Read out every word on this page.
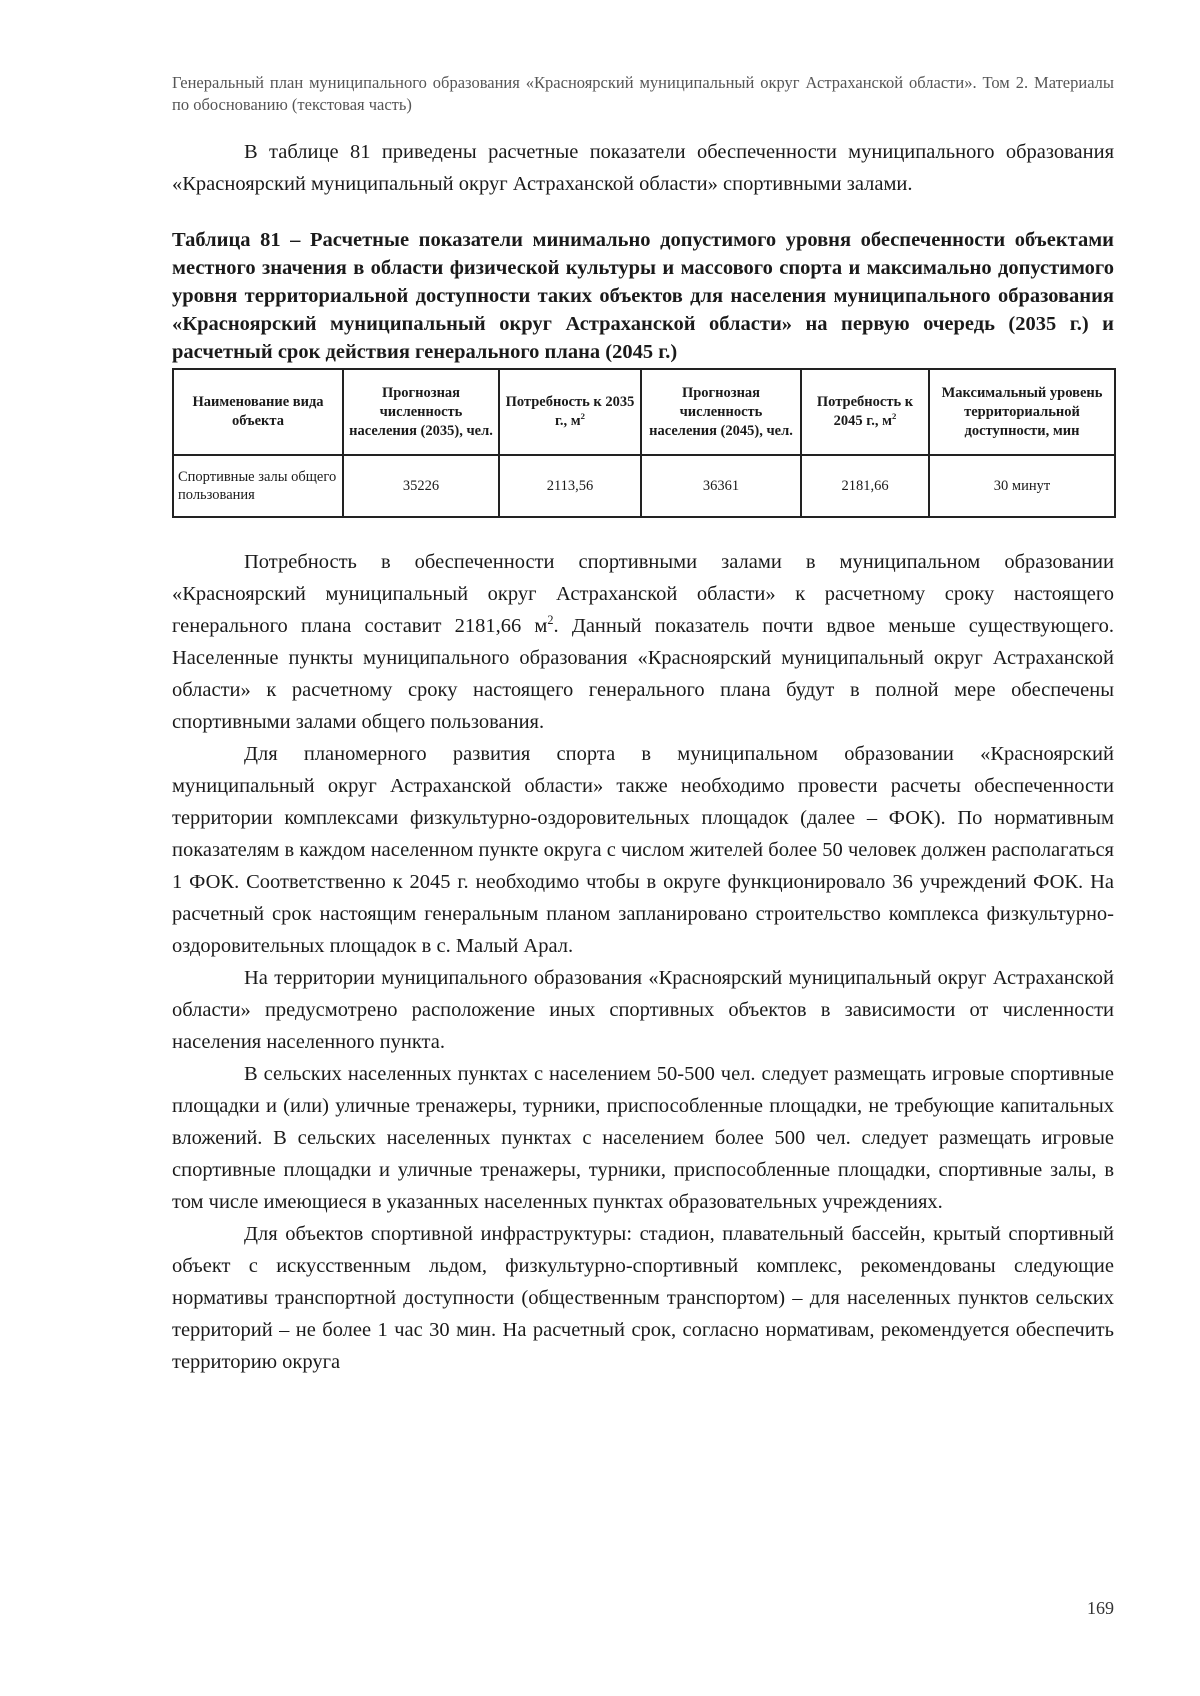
Генеральный план муниципального образования «Красноярский муниципальный округ Астраханской области». Том 2. Материалы по обоснованию (текстовая часть)

В таблице 81 приведены расчетные показатели обеспеченности муниципального образования «Красноярский муниципальный округ Астраханской области» спортивными залами.

Таблица 81 – Расчетные показатели минимально допустимого уровня обеспеченности объектами местного значения в области физической культуры и массового спорта и максимально допустимого уровня территориальной доступности таких объектов для населения муниципального образования «Красноярский муниципальный округ Астраханской области» на первую очередь (2035 г.) и расчетный срок действия генерального плана (2045 г.)

Наименование вида объекта	Прогнозная численность населения (2035), чел.	Потребность к 2035 г., $м^2$	Прогнозная численность населения (2045), чел.	Потребность к 2045 г., $м^2$	Максимальный уровень территориальной доступности, мин
Спортивные залы общего пользования	35226	2113,56	36361	2181,66	30 минут

Потребность в обеспеченности спортивными залами в муниципальном образовании «Красноярский муниципальный округ Астраханской области» к расчетному сроку настоящего генерального плана составит 2181,66 $м^2$. Данный показатель почти вдвое меньше существующего. Населенные пункты муниципального образования «Красноярский муниципальный округ Астраханской области» к расчетному сроку настоящего генерального плана будут в полной мере обеспечены спортивными залами общего пользования.

Для планомерного развития спорта в муниципальном образовании «Красноярский муниципальный округ Астраханской области» также необходимо провести расчеты обеспеченности территории комплексами физкультурно-оздоровительных площадок (далее – ФОК). По нормативным показателям в каждом населенном пункте округа с числом жителей более 50 человек должен располагаться 1 ФОК. Соответственно к 2045 г. необходимо чтобы в округе функционировало 36 учреждений ФОК. На расчетный срок настоящим генеральным планом запланировано строительство комплекса физкультурно-оздоровительных площадок в с. Малый Арал.

На территории муниципального образования «Красноярский муниципальный округ Астраханской области» предусмотрено расположение иных спортивных объектов в зависимости от численности населения населенного пункта.

В сельских населенных пунктах с населением 50-500 чел. следует размещать игровые спортивные площадки и (или) уличные тренажеры, турники, приспособленные площадки, не требующие капитальных вложений. В сельских населенных пунктах с населением более 500 чел. следует размещать игровые спортивные площадки и уличные тренажеры, турники, приспособленные площадки, спортивные залы, в том числе имеющиеся в указанных населенных пунктах образовательных учреждениях.

Для объектов спортивной инфраструктуры: стадион, плавательный бассейн, крытый спортивный объект с искусственным льдом, физкультурно-спортивный комплекс, рекомендованы следующие нормативы транспортной доступности (общественным транспортом) – для населенных пунктов сельских территорий – не более 1 час 30 мин. На расчетный срок, согласно нормативам, рекомендуется обеспечить территорию округа

169
